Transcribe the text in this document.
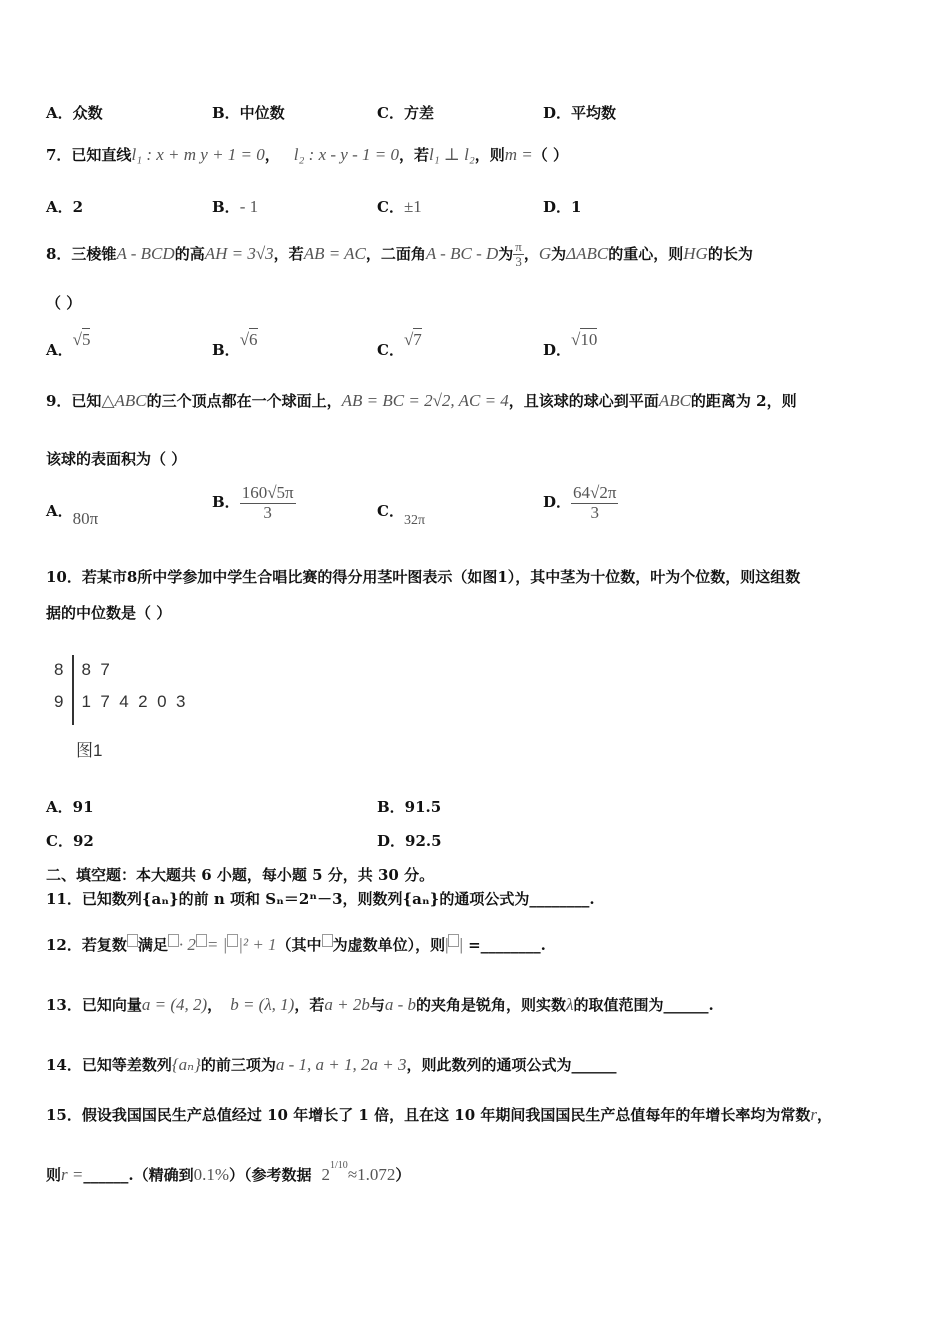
A．众数	B．中位数	C．方差	D．平均数
7．已知直线l₁ : x + m y + 1 = 0， l₂ : x - y - 1 = 0，若l₁ ⊥ l₂，则m =（ ）
A．2	B．- 1	C．±1	D．1
8．三棱锥A - BCD的高AH = 3√3，若AB = AC，二面角A - BC - D为 $\frac{\pi}{3}$ ，G为ΔABC的重心，则HG的长为
（ ）
A．√5
B．√6
C．√7
D．√10
9．已知△ABC的三个顶点都在一个球面上，AB = BC = 2√2, AC = 4，且该球的球心到平面ABC的距离为 2，则
该球的表面积为（ ）
A．80π
B． $\frac{160√5\pi}{3}$	C．32π
D． $\frac{64√2\pi}{3}$
10．若某市8所中学参加中学生合唱比赛的得分用茎叶图表示（如图1），其中茎为十位数，叶为个位数，则这组数
据的中位数是（ ）
8 8  7
9 1  7  4  2  0  3
图1
A．91	B．91.5
C．92	D．92.5
二、填空题：本大题共 6 小题，每小题 5 分，共 30 分。
11．已知数列{aₙ}的前 n 项和 Sₙ＝2ⁿ－3，则数列{aₙ}的通项公式为________.
12．若复数 满足 · 2 = | |² + 1（其中 为虚数单位），则| | =________.
13．已知向量a = (4, 2)， b = (λ, 1)，若a + 2b与a - b的夹角是锐角，则实数λ的取值范围为______.
14．已知等差数列{aₙ}的前三项为a - 1, a + 1, 2a + 3，则此数列的通项公式为______
15．假设我国国民生产总值经过 10 年增长了 1 倍，且在这 10 年期间我国国民生产总值每年的年增长率均为常数r，
则r =______.（精确到0.1%）（参考数据 $2^{1/10}\approx 1.072$）
